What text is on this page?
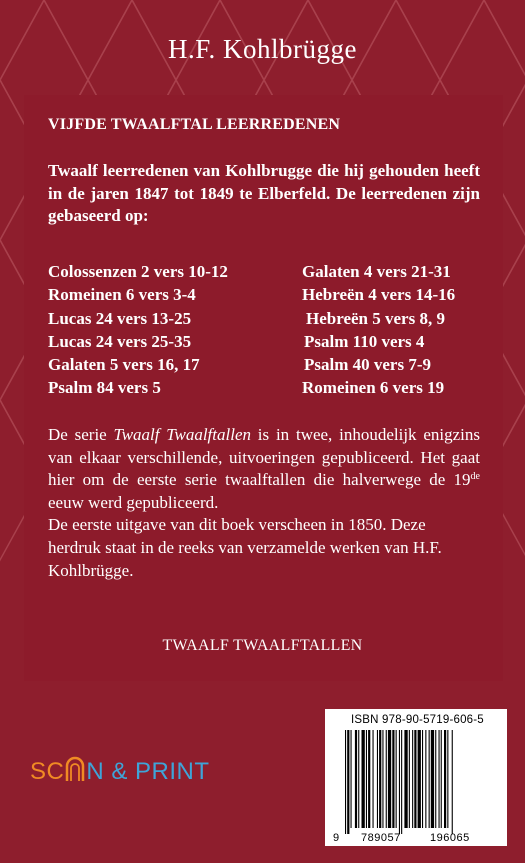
H.F. Kohlbrügge
VIJFDE TWAALFTAL LEERREDENEN

Twaalf leerredenen van Kohlbrugge die hij gehouden heeft in de jaren 1847 tot 1849 te Elberfeld. De leerredenen zijn gebaseerd op:

Colossenzen 2 vers 10-12
Romeinen 6 vers 3-4
Lucas 24 vers 13-25
Lucas 24 vers 25-35
Galaten 5 vers 16, 17
Psalm 84 vers 5
Galaten 4 vers 21-31
Hebreën 4 vers 14-16
Hebreën 5 vers 8, 9
Psalm 110 vers 4
Psalm 40 vers 7-9
Romeinen 6 vers 19

De serie Twaalf Twaalftallen is in twee, inhoudelijk enigzins van elkaar verschillende, uitvoeringen gepubliceerd. Het gaat hier om de eerste serie twaalftallen die halverwege de 19de eeuw werd gepubliceerd.

De eerste uitgave van dit boek verscheen in 1850. Deze herdruk staat in de reeks van verzamelde werken van H.F. Kohlbrügge.

TWAALF TWAALFTALLEN
SC N & PRINT
ISBN 978-90-5719-606-5
9 789057	196065
